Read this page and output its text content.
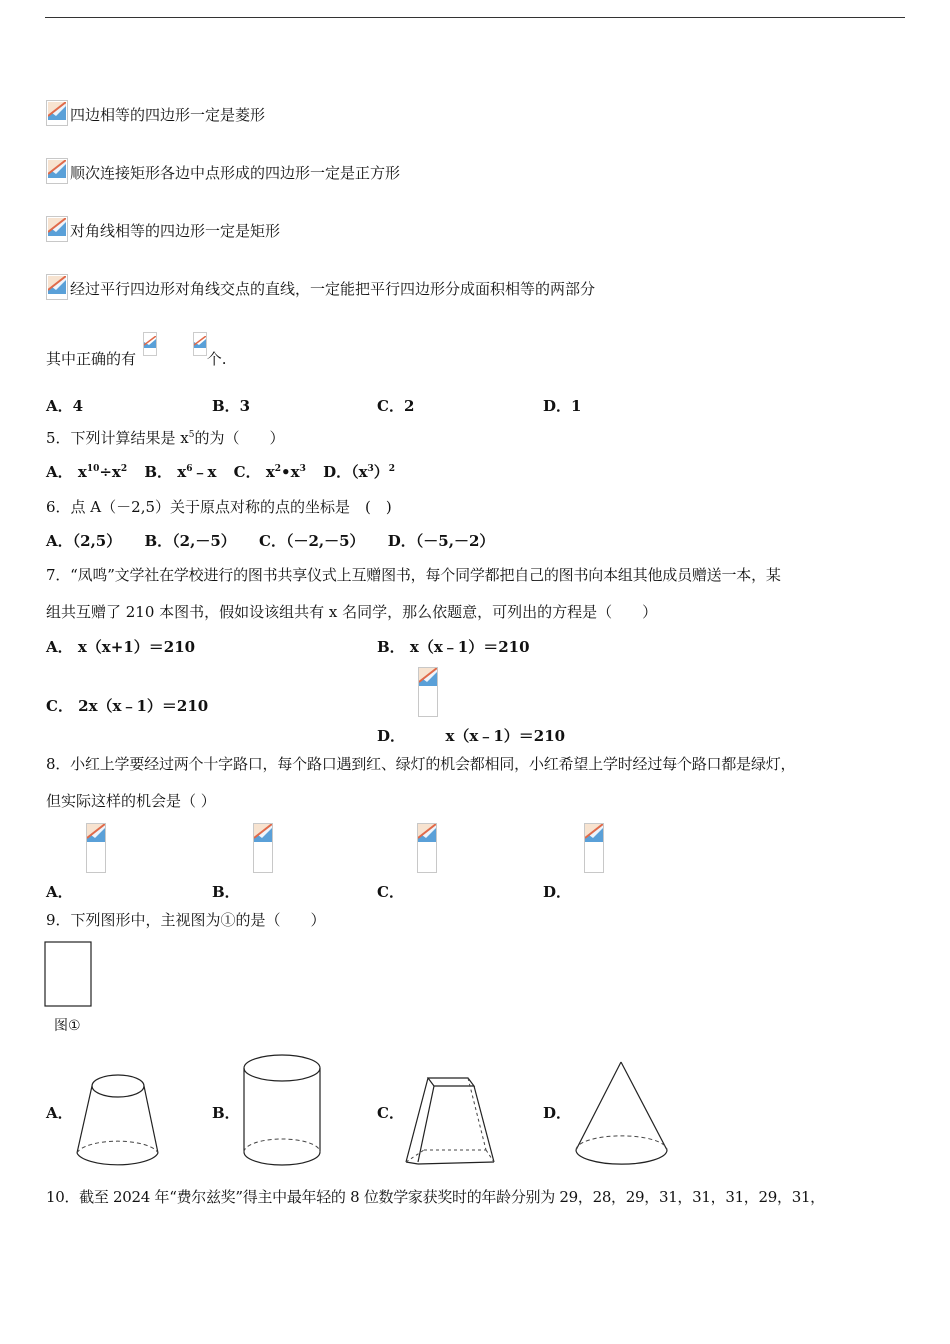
四边相等的四边形一定是菱形
顺次连接矩形各边中点形成的四边形一定是正方形
对角线相等的四边形一定是矩形
经过平行四边形对角线交点的直线，一定能把平行四边形分成面积相等的两部分
其中正确的有	个.
A．4	B．3	C．2	D．1
5．下列计算结果是 $x^5$的为（　　）
A． $x^{10}\div x^2$ B． $x^6﹣x$ C． $x^2•x^3$ D．$(x^3)^2$
6．点 A（－2,5）关于原点对称的点的坐标是　(　)
A．（2,5） B．（2,－5） C．（－2,－5） D．（－5,－2）
7．“凤鸣”文学社在学校进行的图书共享仪式上互赠图书，每个同学都把自己的图书向本组其他成员赠送一本，某
组共互赠了 210 本图书，假如设该组共有 x 名同学，那么依题意，可列出的方程是（　　）
A． x（x+1）＝210	B． x（x﹣1）＝210
C． 2x（x﹣1）＝210
D．	x（x﹣1）＝210
8．小红上学要经过两个十字路口，每个路口遇到红、绿灯的机会都相同，小红希望上学时经过每个路口都是绿灯，
但实际这样的机会是（ ）
A．	B．	C．	D．
9．下列图形中，主视图为①的是（　　）
图①
A．	B．	C．	D．
10．截至 2024 年“费尔兹奖”得主中最年轻的 8 位数学家获奖时的年龄分别为 29，28，29，31，31，31，29，31，
